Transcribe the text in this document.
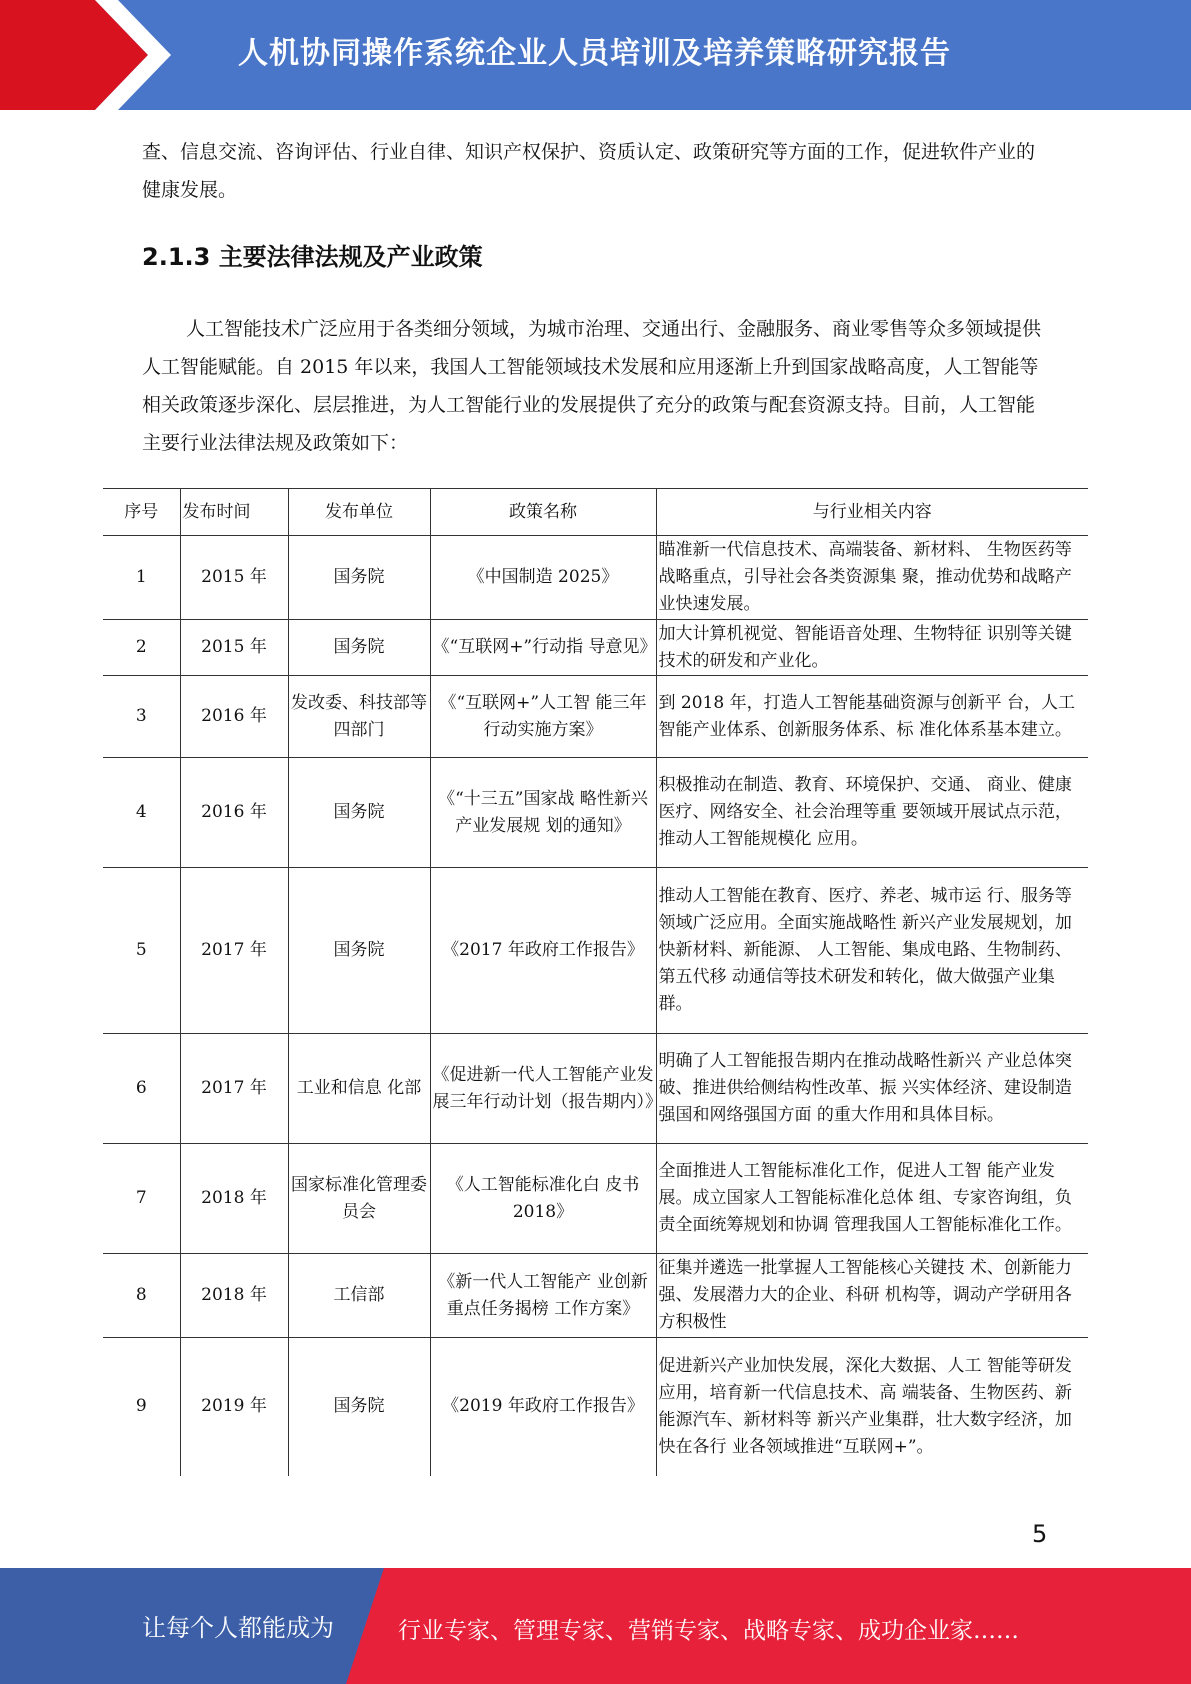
人机协同操作系统企业人员培训及培养策略研究报告

查、信息交流、咨询评估、行业自律、知识产权保护、资质认定、政策研究等方面的工作，促进软件产业的健康发展。

2.1.3 主要法律法规及产业政策

人工智能技术广泛应用于各类细分领域，为城市治理、交通出行、金融服务、商业零售等众多领域提供人工智能赋能。自 2015 年以来，我国人工智能领域技术发展和应用逐渐上升到国家战略高度，人工智能等相关政策逐步深化、层层推进，为人工智能行业的发展提供了充分的政策与配套资源支持。目前，人工智能主要行业法律法规及政策如下：

序号	发布时间	发布单位	政策名称	与行业相关内容
1	2015 年	国务院	《中国制造 2025》	瞄准新一代信息技术、高端装备、新材料、 生物医药等战略重点，引导社会各类资源集 聚，推动优势和战略产业快速发展。
2	2015 年	国务院	《“互联网+”行动指 导意见》	加大计算机视觉、智能语音处理、生物特征 识别等关键技术的研发和产业化。
3	2016 年	发改委、科技部等四部门	《“互联网+”人工智 能三年行动实施方案》	到 2018 年，打造人工智能基础资源与创新平 台，人工智能产业体系、创新服务体系、标 准化体系基本建立。
4	2016 年	国务院	《“十三五”国家战 略性新兴产业发展规 划的通知》	积极推动在制造、教育、环境保护、交通、 商业、健康医疗、网络安全、社会治理等重 要领域开展试点示范，推动人工智能规模化 应用。
5	2017 年	国务院	《2017 年政府工作报告》	推动人工智能在教育、医疗、养老、城市运 行、服务等领域广泛应用。全面实施战略性 新兴产业发展规划，加快新材料、新能源、 人工智能、集成电路、生物制药、第五代移 动通信等技术研发和转化，做大做强产业集 群。
6	2017 年	工业和信息 化部	《促进新一代人工智能产业发展三年行动计划（报告期内）》	明确了人工智能报告期内在推动战略性新兴 产业总体突破、推进供给侧结构性改革、振 兴实体经济、建设制造强国和网络强国方面 的重大作用和具体目标。
7	2018 年	国家标准化管理委员会	《人工智能标准化白 皮书 2018》	全面推进人工智能标准化工作，促进人工智 能产业发展。成立国家人工智能标准化总体 组、专家咨询组，负责全面统筹规划和协调 管理我国人工智能标准化工作。
8	2018 年	工信部	《新一代人工智能产 业创新重点任务揭榜 工作方案》	征集并遴选一批掌握人工智能核心关键技 术、创新能力强、发展潜力大的企业、科研 机构等，调动产学研用各方积极性
9	2019 年	国务院	《2019 年政府工作报告》	促进新兴产业加快发展，深化大数据、人工 智能等研发应用，培育新一代信息技术、高 端装备、生物医药、新能源汽车、新材料等 新兴产业集群，壮大数字经济，加快在各行 业各领域推进“互联网+”。
5
让每个人都能成为	行业专家、管理专家、营销专家、战略专家、成功企业家……
